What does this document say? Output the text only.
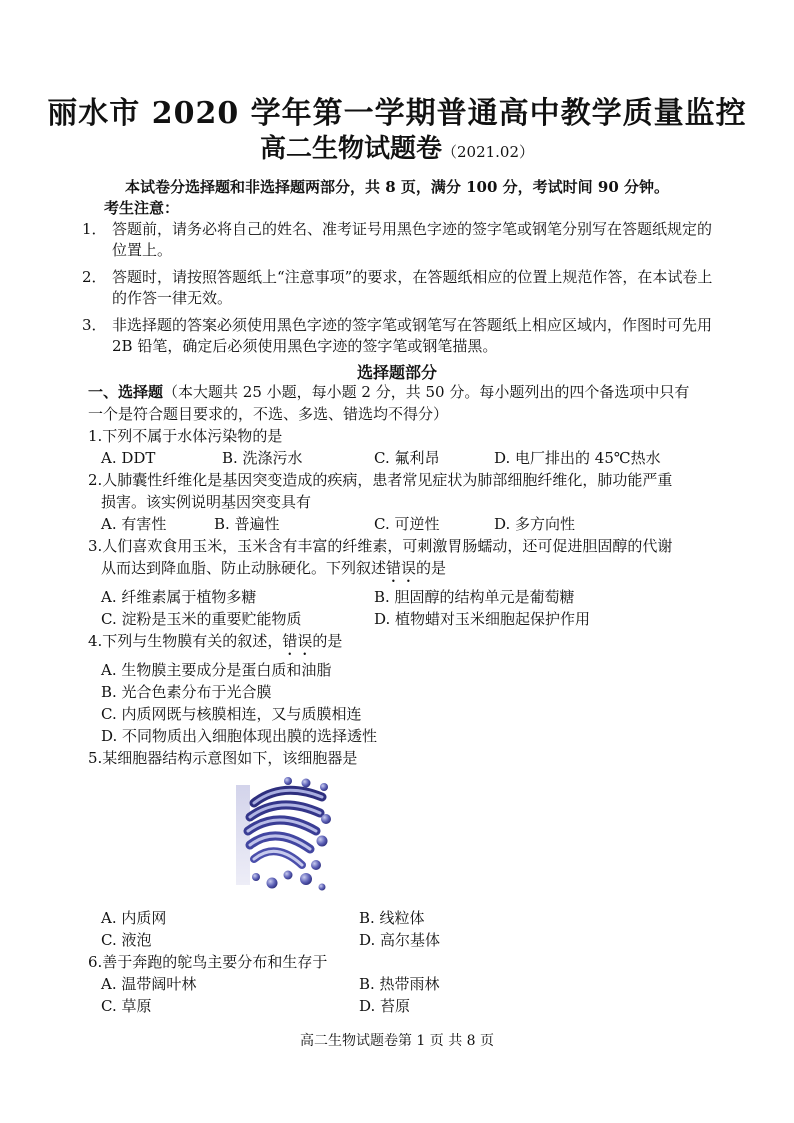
丽水市 2020 学年第一学期普通高中教学质量监控
高二生物试题卷（2021.02）
本试卷分选择题和非选择题两部分，共 8 页，满分 100 分，考试时间 90 分钟。
考生注意：
1． 答题前，请务必将自己的姓名、准考证号用黑色字迹的签字笔或钢笔分别写在答题纸规定的位置上。
2． 答题时，请按照答题纸上“注意事项”的要求，在答题纸相应的位置上规范作答，在本试卷上的作答一律无效。
3． 非选择题的答案必须使用黑色字迹的签字笔或钢笔写在答题纸上相应区域内，作图时可先用 2B 铅笔，确定后必须使用黑色字迹的签字笔或钢笔描黑。
选择题部分
一、选择题（本大题共 25 小题，每小题 2 分，共 50 分。每小题列出的四个备选项中只有
一个是符合题目要求的，不选、多选、错选均不得分）
1.下列不属于水体污染物的是
A. DDT	B. 洗涤污水	C. 氟利昂	D. 电厂排出的 45℃热水
2.人肺囊性纤维化是基因突变造成的疾病，患者常见症状为肺部细胞纤维化，肺功能严重
损害。该实例说明基因突变具有
A. 有害性	B. 普遍性	C. 可逆性	D. 多方向性
3.人们喜欢食用玉米，玉米含有丰富的纤维素，可刺激胃肠蠕动，还可促进胆固醇的代谢
从而达到降血脂、防止动脉硬化。下列叙述错误的是
A. 纤维素属于植物多糖	B. 胆固醇的结构单元是葡萄糖
C. 淀粉是玉米的重要贮能物质	D. 植物蜡对玉米细胞起保护作用
4.下列与生物膜有关的叙述，错误的是
A. 生物膜主要成分是蛋白质和油脂
B. 光合色素分布于光合膜
C. 内质网既与核膜相连，又与质膜相连
D. 不同物质出入细胞体现出膜的选择透性
5.某细胞器结构示意图如下，该细胞器是
A. 内质网	B. 线粒体
C. 液泡	D. 高尔基体
6.善于奔跑的鸵鸟主要分布和生存于
A. 温带阔叶林	B. 热带雨林
C. 草原	D. 苔原
高二生物试题卷第 1 页 共 8 页
